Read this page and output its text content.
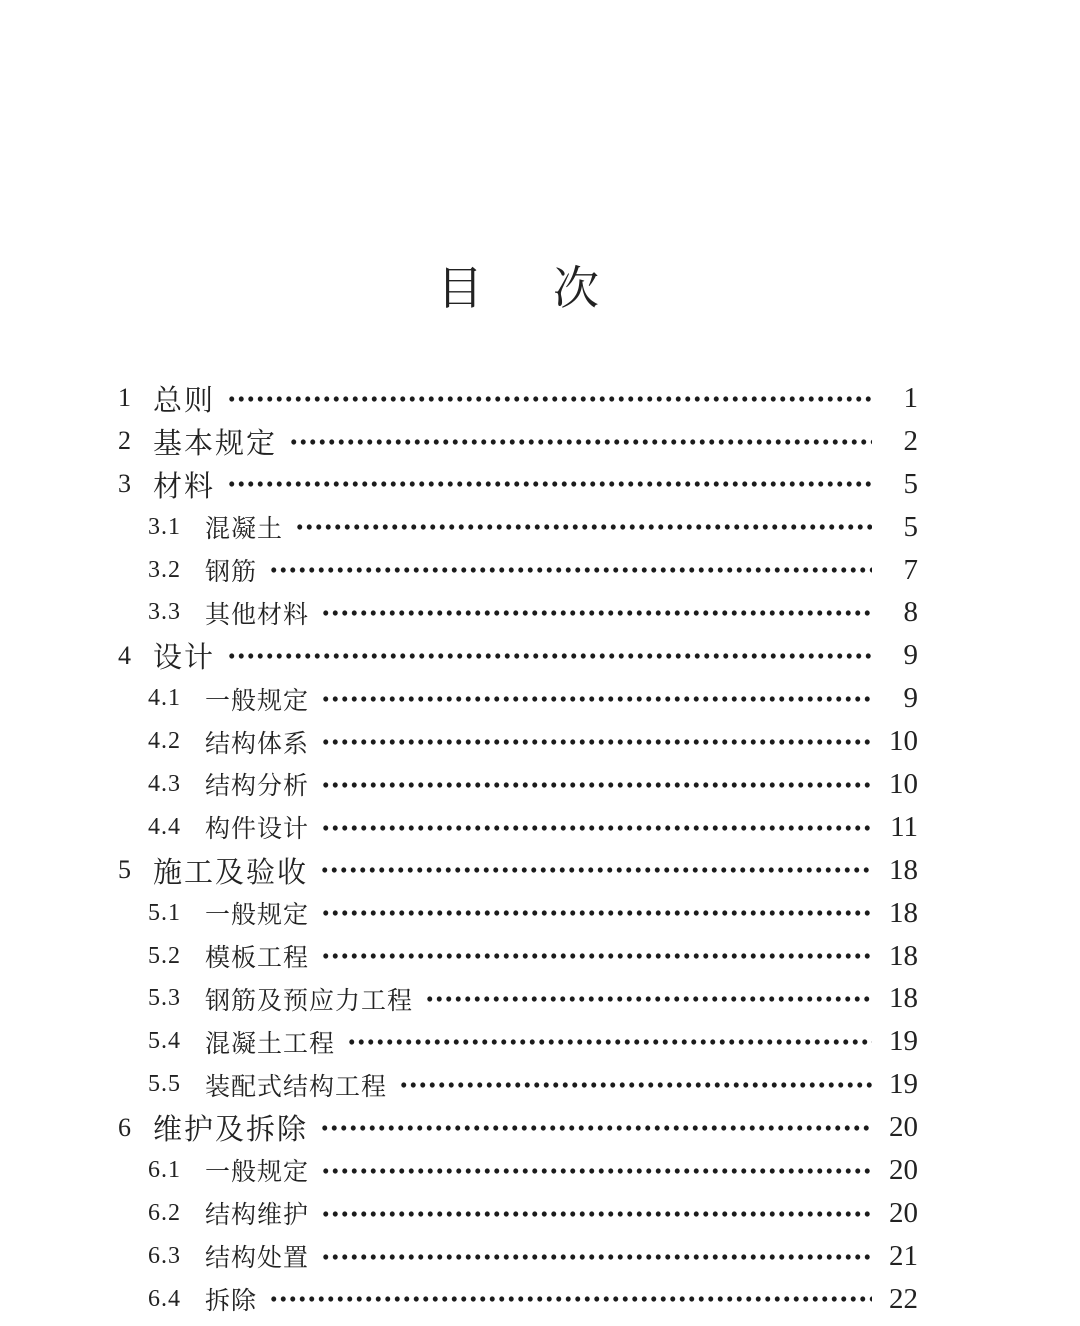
目 次
1 总则	1
2 基本规定	2
3 材料	5
3.1 混凝土	5
3.2 钢筋	7
3.3 其他材料	8
4 设计	9
4.1 一般规定	9
4.2 结构体系	10
4.3 结构分析	10
4.4 构件设计	11
5 施工及验收	18
5.1 一般规定	18
5.2 模板工程	18
5.3 钢筋及预应力工程	18
5.4 混凝土工程	19
5.5 装配式结构工程	19
6 维护及拆除	20
6.1 一般规定	20
6.2 结构维护	20
6.3 结构处置	21
6.4 拆除	22
